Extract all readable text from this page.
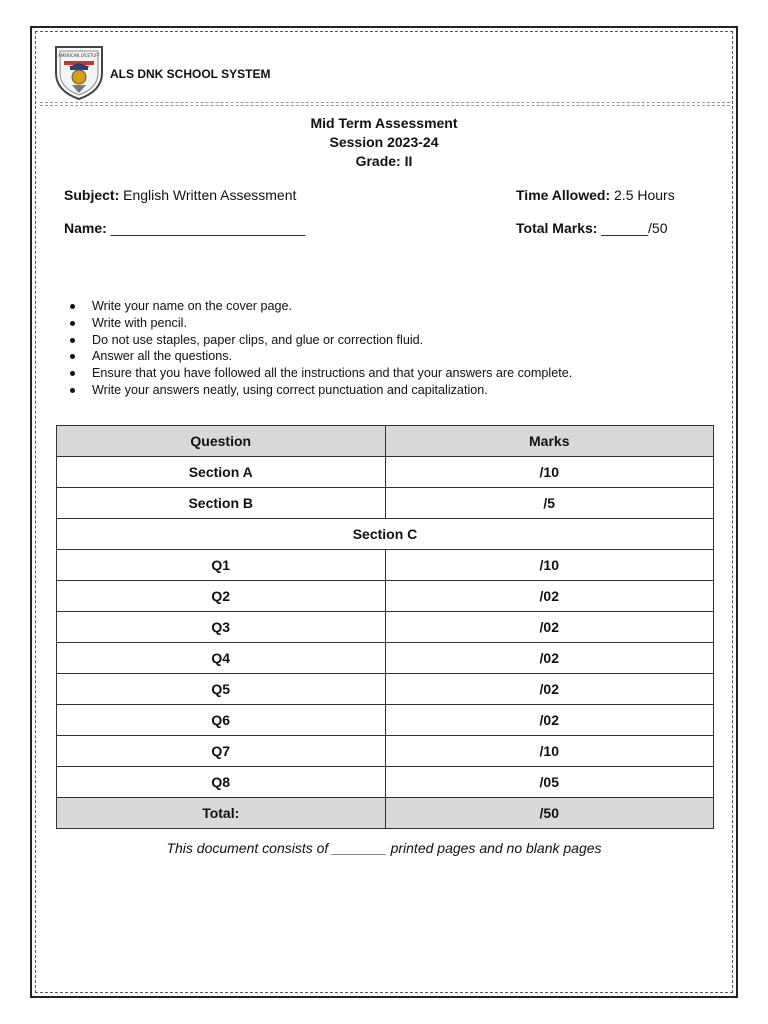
AMERICAN LYCETUFF
ALS DNK SCHOOL SYSTEM
Mid Term Assessment
Session 2023-24
Grade: II
Subject: English Written Assessment	Time Allowed: 2.5 Hours
Name: _________________________	Total Marks: ______/50
Write your name on the cover page.
Write with pencil.
Do not use staples, paper clips, and glue or correction fluid.
Answer all the questions.
Ensure that you have followed all the instructions and that your answers are complete.
Write your answers neatly, using correct punctuation and capitalization.
Question	Marks
Section A	/10
Section B	/5
Section C	
Q1	/10
Q2	/02
Q3	/02
Q4	/02
Q5	/02
Q6	/02
Q7	/10
Q8	/05
Total:	/50
This document consists of _______ printed pages and no blank pages
